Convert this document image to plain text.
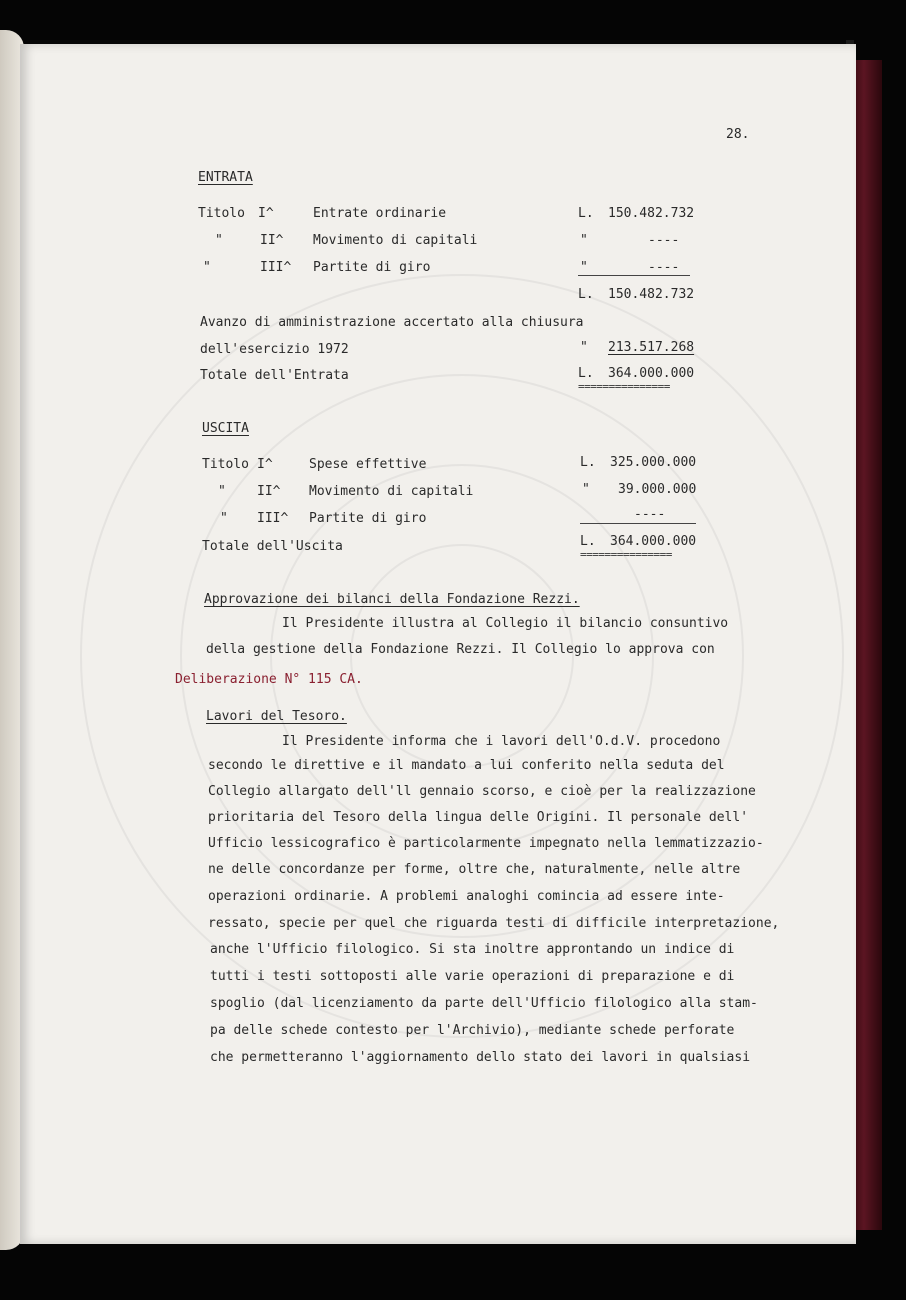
28.
ENTRATA
Titolo I^	Entrate ordinarie	L. 150.482.732
"	II^ Movimento di capitali	"	----
"	III^ Partite di giro	"	----
L. 150.482.732
Avanzo di amministrazione accertato alla chiusura
dell'esercizio 1972	" 213.517.268
Totale dell'Entrata	L. 364.000.000
===============
USCITA
Titolo I^	Spese effettive	L. 325.000.000
" II^ Movimento di capitali	" 39.000.000
" III^ Partite di giro	----
Totale dell'Uscita	L. 364.000.000
===============
Approvazione dei bilanci della Fondazione Rezzi.
Il Presidente illustra al Collegio il bilancio consuntivo
della gestione della Fondazione Rezzi. Il Collegio lo approva con
Deliberazione N° 115 CA.
Lavori del Tesoro.
Il Presidente informa che i lavori dell'O.d.V. procedono
secondo le direttive e il mandato a lui conferito nella seduta del
Collegio allargato dell'll gennaio scorso, e cioè per la realizzazione
prioritaria del Tesoro della lingua delle Origini. Il personale dell'
Ufficio lessicografico è particolarmente impegnato nella lemmatizzazio-
ne delle concordanze per forme, oltre che, naturalmente, nelle altre
operazioni ordinarie. A problemi analoghi comincia ad essere inte-
ressato, specie per quel che riguarda testi di difficile interpretazione,
anche l'Ufficio filologico. Si sta inoltre approntando un indice di
tutti i testi sottoposti alle varie operazioni di preparazione e di
spoglio (dal licenziamento da parte dell'Ufficio filologico alla stam-
pa delle schede contesto per l'Archivio), mediante schede perforate
che permetteranno l'aggiornamento dello stato dei lavori in qualsiasi
